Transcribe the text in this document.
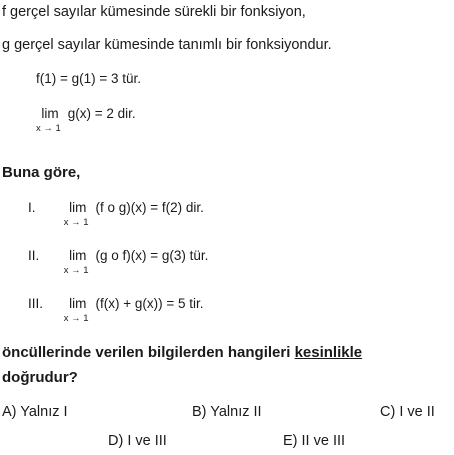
f gerçel sayılar kümesinde sürekli bir fonksiyon,
g gerçel sayılar kümesinde tanımlı bir fonksiyondur.
f(1) = g(1) = 3 tür.
lim
x → 1
g(x) = 2 dir.
Buna göre,
I. lim
x → 1
(f o g)(x) = f(2) dir.
II. lim
x → 1
(g o f)(x) = g(3) tür.
III. lim
x → 1
(f(x) + g(x)) = 5 tir.
öncüllerinde verilen bilgilerden hangileri kesinlikle
doğrudur?
A) Yalnız I	B) Yalnız II	C) I ve II
D) I ve III	E) II ve III
